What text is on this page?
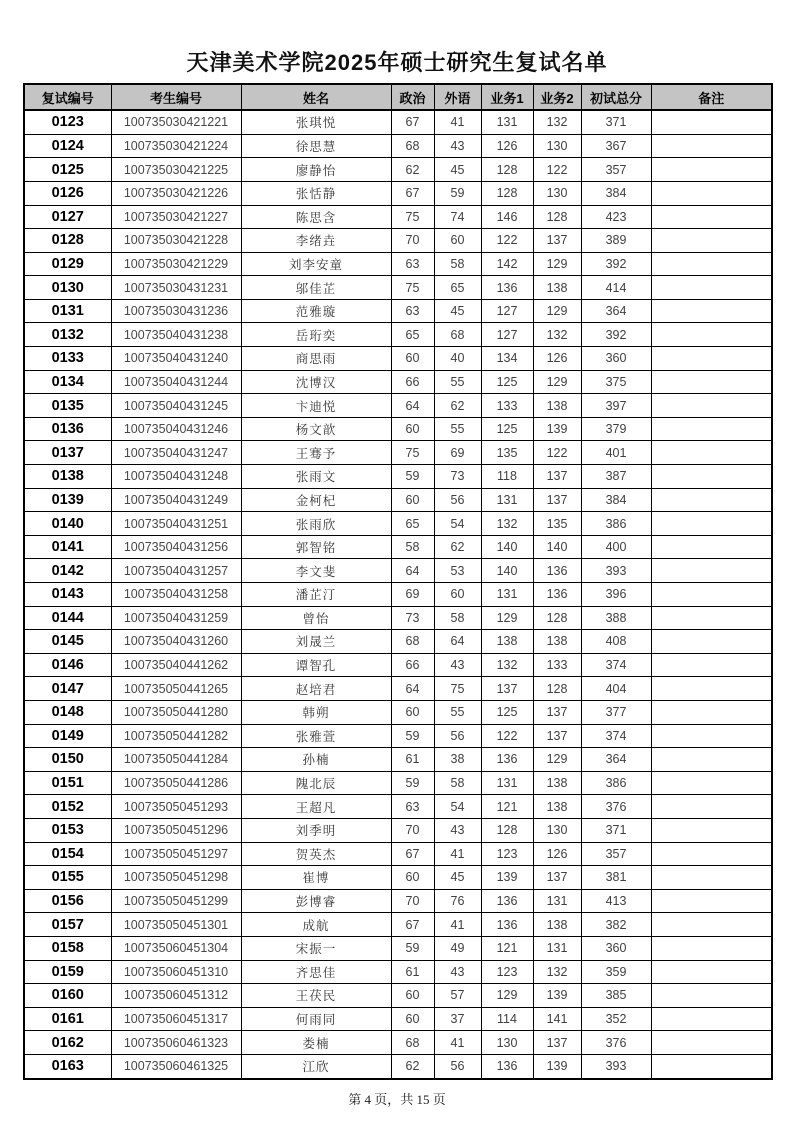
天津美术学院2025年硕士研究生复试名单
复试编号	考生编号	姓名	政治	外语	业务1	业务2	初试总分	备注
0123	100735030421221	张琪悦	67	41	131	132	371	
0124	100735030421224	徐思慧	68	43	126	130	367	
0125	100735030421225	廖静怡	62	45	128	122	357	
0126	100735030421226	张恬静	67	59	128	130	384	
0127	100735030421227	陈思含	75	74	146	128	423	
0128	100735030421228	李绪垚	70	60	122	137	389	
0129	100735030421229	刘李安童	63	58	142	129	392	
0130	100735030431231	邬佳芷	75	65	136	138	414	
0131	100735030431236	范雅璇	63	45	127	129	364	
0132	100735040431238	岳珩奕	65	68	127	132	392	
0133	100735040431240	商思雨	60	40	134	126	360	
0134	100735040431244	沈博汉	66	55	125	129	375	
0135	100735040431245	卞迪悦	64	62	133	138	397	
0136	100735040431246	杨文歆	60	55	125	139	379	
0137	100735040431247	王骞予	75	69	135	122	401	
0138	100735040431248	张雨文	59	73	118	137	387	
0139	100735040431249	金柯杞	60	56	131	137	384	
0140	100735040431251	张雨欣	65	54	132	135	386	
0141	100735040431256	郭智铭	58	62	140	140	400	
0142	100735040431257	李文斐	64	53	140	136	393	
0143	100735040431258	潘芷汀	69	60	131	136	396	
0144	100735040431259	曾怡	73	58	129	128	388	
0145	100735040431260	刘晟兰	68	64	138	138	408	
0146	100735040441262	谭智孔	66	43	132	133	374	
0147	100735050441265	赵培君	64	75	137	128	404	
0148	100735050441280	韩朔	60	55	125	137	377	
0149	100735050441282	张雅萱	59	56	122	137	374	
0150	100735050441284	孙楠	61	38	136	129	364	
0151	100735050441286	隗北辰	59	58	131	138	386	
0152	100735050451293	王超凡	63	54	121	138	376	
0153	100735050451296	刘季明	70	43	128	130	371	
0154	100735050451297	贺英杰	67	41	123	126	357	
0155	100735050451298	崔博	60	45	139	137	381	
0156	100735050451299	彭博睿	70	76	136	131	413	
0157	100735050451301	成航	67	41	136	138	382	
0158	100735060451304	宋振一	59	49	121	131	360	
0159	100735060451310	齐思佳	61	43	123	132	359	
0160	100735060451312	王茯民	60	57	129	139	385	
0161	100735060451317	何雨同	60	37	114	141	352	
0162	100735060461323	娄楠	68	41	130	137	376	
0163	100735060461325	江欣	62	56	136	139	393	
第 4 页，共 15 页
